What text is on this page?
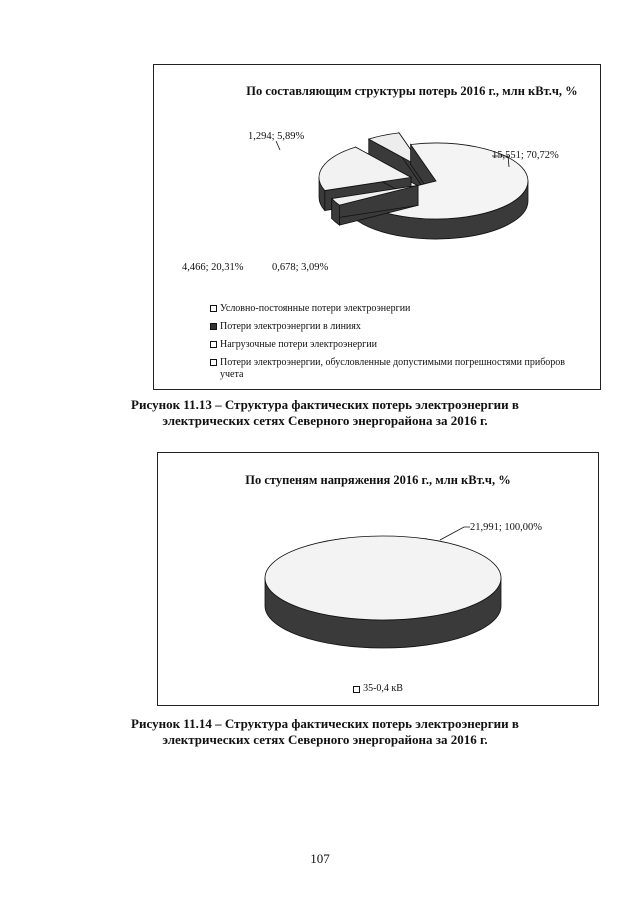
По составляющим структуры потерь 2016 г., млн кВт.ч, %
15,551; 70,72%
0,678; 3,09%
4,466; 20,31%
1,294; 5,89%
Условно-постоянные потери электроэнергии
Потери электроэнергии в линиях
Нагрузочные потери электроэнергии
Потери электроэнергии, обусловленные допустимыми погрешностями приборов учета
Рисунок 11.13 – Структура фактических потерь электроэнергии в электрических сетях Северного энергорайона за 2016 г.
По ступеням напряжения 2016 г., млн кВт.ч, %
21,991; 100,00%
35-0,4 кВ
Рисунок 11.14 – Структура фактических потерь электроэнергии в электрических сетях Северного энергорайона за 2016 г.
107
